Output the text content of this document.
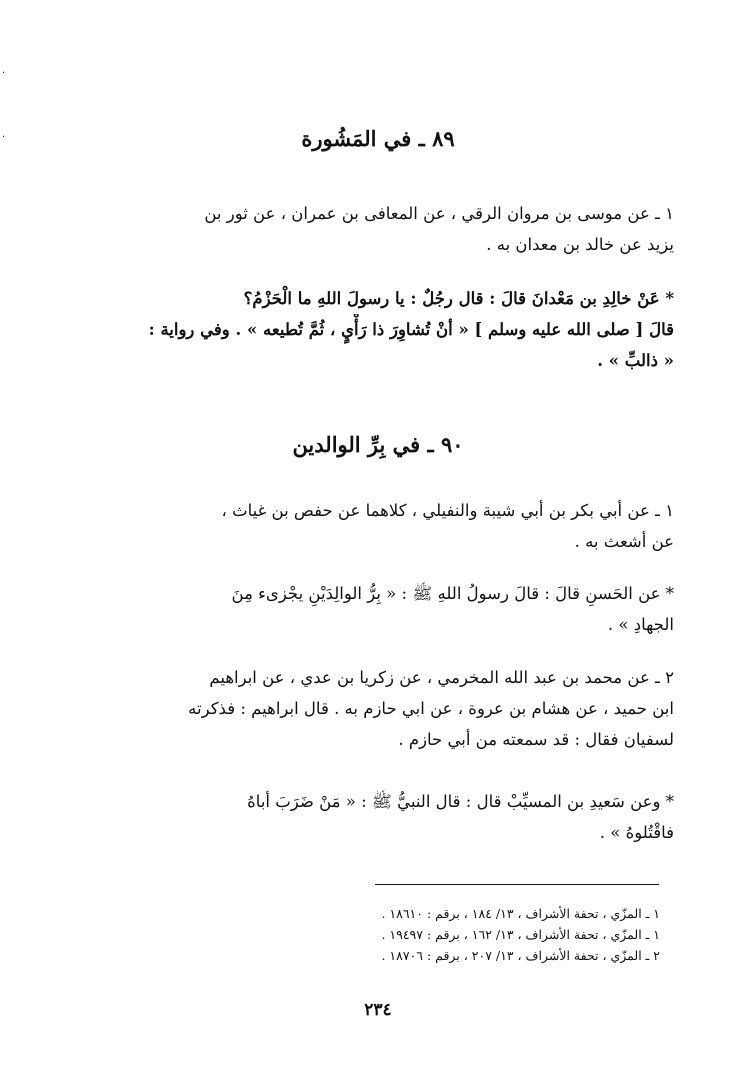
·
·	٨٩ ـ في المَشُورة
١ ـ عن موسى بن مروان الرقي ، عن المعافى بن عمران ، عن ثور بن
يزيد عن خالد بن معدان به .
* عَنْ خالِدِ بن مَعْدانَ قالَ : قال رجُلٌ : يا رسولَ اللهِ ما الْحَزْمُ؟
قالَ [ صلى الله عليه وسلم ] « أنْ تُشاوِرَ ذا رَأْيٍ ، ثُمَّ تُطيعه » . وفي رواية :
« ذالبِّ » .
٩٠ ـ في بِرِّ الوالدين
١ ـ عن أبي بكر بن أبي شيبة والنفيلي ، كلاهما عن حفص بن غياث ،
عن أشعث به .
* عن الحَسنِ قالَ : قالَ رسولُ اللهِ ﷺ : « بِرُّ الوالِدَيْنِ يجْزىء مِنَ
الجهادِ » .
٢ ـ عن محمد بن عبد الله المخرمي ، عن زكريا بن عدي ، عن ابراهيم
ابن حميد ، عن هشام بن عروة ، عن ابي حازم به . قال ابراهيم : فذكرته
لسفيان فقال : قد سمعته من أبي حازم .
* وعن سَعيدِ بن المسيِّبْ قال : قال النبيُّ ﷺ : « مَنْ ضَرَبَ أباهُ
فاقْتُلوهُ » .
١ ـ المزّي ، تحفة الأشراف ، ١٣/ ١٨٤ ، برقم : ١٨٦١٠ .
١ ـ المزّي ، تحفة الأشراف ، ١٣/ ١٦٢ ، برقم : ١٩٤٩٧ .
٢ ـ المزّي ، تحفة الأشراف ، ١٣/ ٢٠٧ ، برقم : ١٨٧٠٦ .
٢٣٤
